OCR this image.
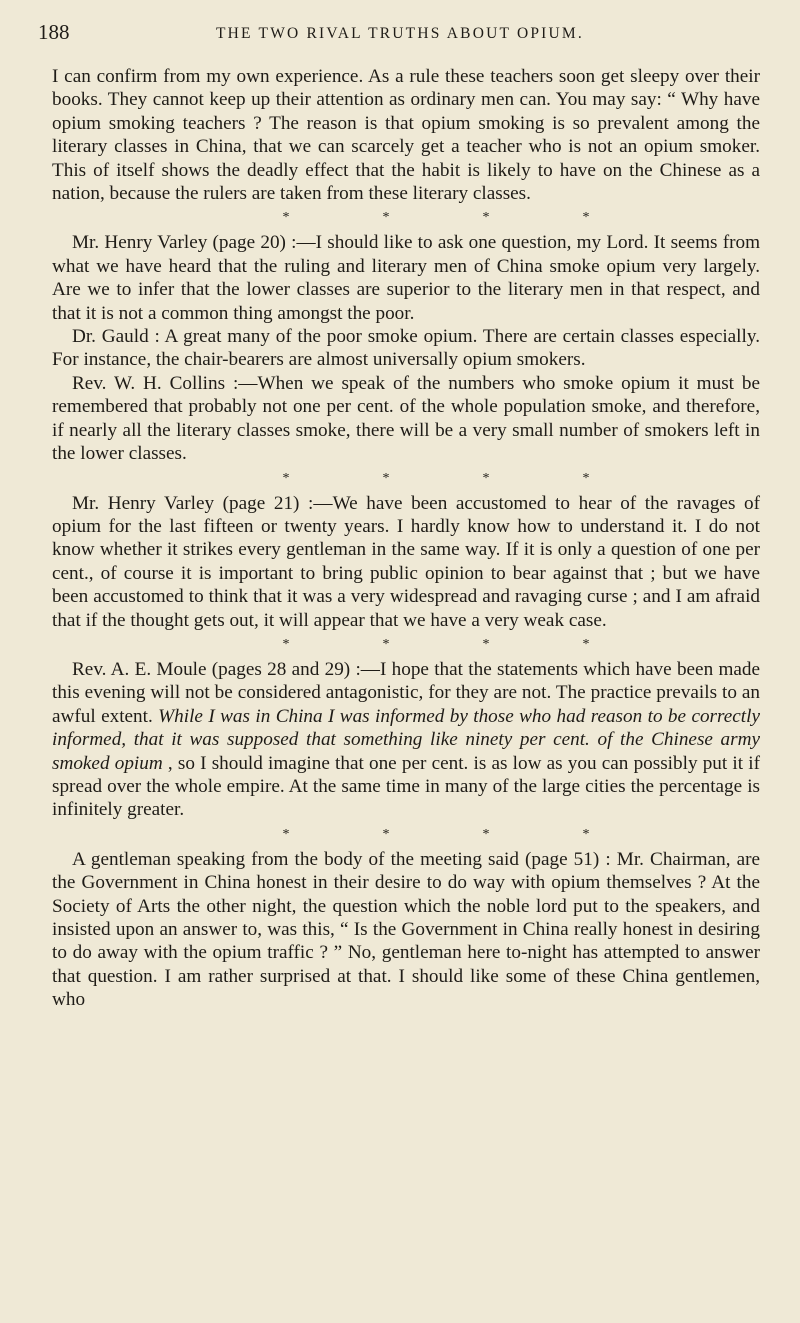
188	THE TWO RIVAL TRUTHS ABOUT OPIUM.

I can confirm from my own experience. As a rule these teachers soon get sleepy over their books. They cannot keep up their attention as ordinary men can. You may say: “ Why have opium smoking teachers ? The reason is that opium smoking is so prevalent among the literary classes in China, that we can scarcely get a teacher who is not an opium smoker. This of itself shows the deadly effect that the habit is likely to have on the Chinese as a nation, because the rulers are taken from these literary classes.

*	*	*	*

Mr. Henry Varley (page 20) :—I should like to ask one question, my Lord. It seems from what we have heard that the ruling and literary men of China smoke opium very largely. Are we to infer that the lower classes are superior to the literary men in that respect, and that it is not a common thing amongst the poor.

Dr. Gauld : A great many of the poor smoke opium. There are certain classes especially. For instance, the chair-bearers are almost universally opium smokers.

Rev. W. H. Collins :—When we speak of the numbers who smoke opium it must be remembered that probably not one per cent. of the whole population smoke, and therefore, if nearly all the literary classes smoke, there will be a very small number of smokers left in the lower classes.

*	*	*	*

Mr. Henry Varley (page 21) :—We have been accustomed to hear of the ravages of opium for the last fifteen or twenty years. I hardly know how to understand it. I do not know whether it strikes every gentleman in the same way. If it is only a question of one per cent., of course it is important to bring public opinion to bear against that ; but we have been accustomed to think that it was a very widespread and ravaging curse ; and I am afraid that if the thought gets out, it will appear that we have a very weak case.

*	*	*	*

Rev. A. E. Moule (pages 28 and 29) :—I hope that the statements which have been made this evening will not be considered antagonistic, for they are not. The practice prevails to an awful extent. While I was in China I was informed by those who had reason to be correctly informed, that it was supposed that something like ninety per cent. of the Chinese army smoked opium , so I should imagine that one per cent. is as low as you can possibly put it if spread over the whole empire. At the same time in many of the large cities the percentage is infinitely greater.

*	*	*	*

A gentleman speaking from the body of the meeting said (page 51) : Mr. Chairman, are the Government in China honest in their desire to do way with opium themselves ? At the Society of Arts the other night, the question which the noble lord put to the speakers, and insisted upon an answer to, was this, “ Is the Government in China really honest in desiring to do away with the opium traffic ? ” No, gentleman here to-night has attempted to answer that question. I am rather surprised at that. I should like some of these China gentlemen, who
